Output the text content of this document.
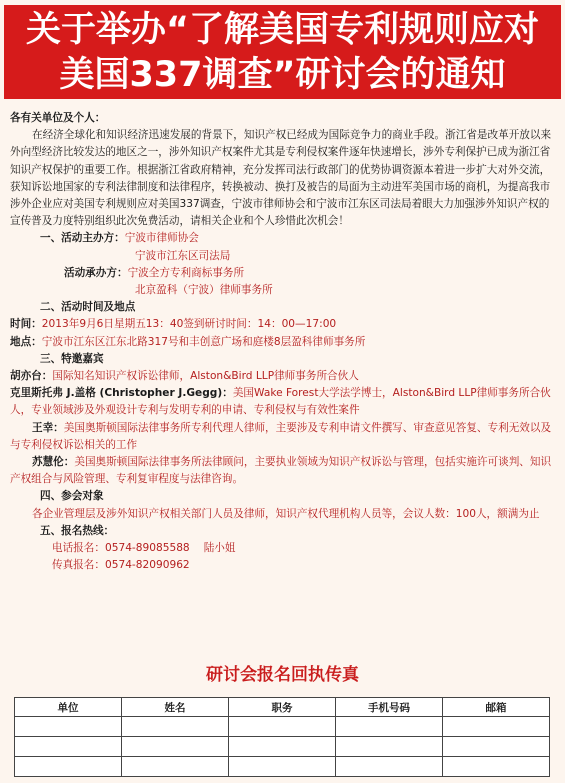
关于举办“了解美国专利规则应对
美国337调查”研讨会的通知

各有关单位及个人：

在经济全球化和知识经济迅速发展的背景下，知识产权已经成为国际竞争力的商业手段。浙江省是改革开放以来外向型经济比较发达的地区之一，涉外知识产权案件尤其是专利侵权案件逐年快速增长，涉外专利保护已成为浙江省知识产权保护的重要工作。根据浙江省政府精神，充分发挥司法行政部门的优势协调资源本着进一步扩大对外交流，获知诉讼地国家的专利法律制度和法律程序，转换被动、换打及被告的局面为主动进军美国市场的商机，为提高我市涉外企业应对美国专利规则应对美国337调查，宁波市律师协会和宁波市江东区司法局着眼大力加强涉外知识产权的宣传普及力度特别组织此次免费活动，请相关企业和个人珍惜此次机会！

一、活动主办方：宁波市律师协会
宁波市江东区司法局
活动承办方：宁波全方专利商标事务所
北京盈科（宁波）律师事务所
二、活动时间及地点
时间：2013年9月6日星期五13：40签到研讨时间：14：00—17:00
地点：宁波市江东区江东北路317号和丰创意广场和庭楼8层盈科律师事务所
三、特邀嘉宾

胡亦台：国际知名知识产权诉讼律师，Alston&Bird LLP律师事务所合伙人

克里斯托弗 J.盖格 (Christopher J.Gegg)：美国Wake Forest大学法学博士，Alston&Bird LLP律师事务所合伙人，专业领域涉及外观设计专利与发明专利的申请、专利侵权与有效性案件

王幸：美国奥斯顿国际法律事务所专利代理人律师，主要涉及专利申请文件撰写、审查意见答复、专利无效以及与专利侵权诉讼相关的工作

苏慧伦：美国奥斯顿国际法律事务所法律顾问，主要执业领域为知识产权诉讼与管理，包括实施许可谈判、知识产权组合与风险管理、专利复审程度与法律咨询。

四、参会对象

各企业管理层及涉外知识产权相关部门人员及律师，知识产权代理机构人员等，会议人数：100人，额满为止

五、报名热线：
电话报名：0574-89085588 陆小姐
传真报名：0574-82090962
研讨会报名回执传真
单位	姓名	职务	手机号码	邮箱
